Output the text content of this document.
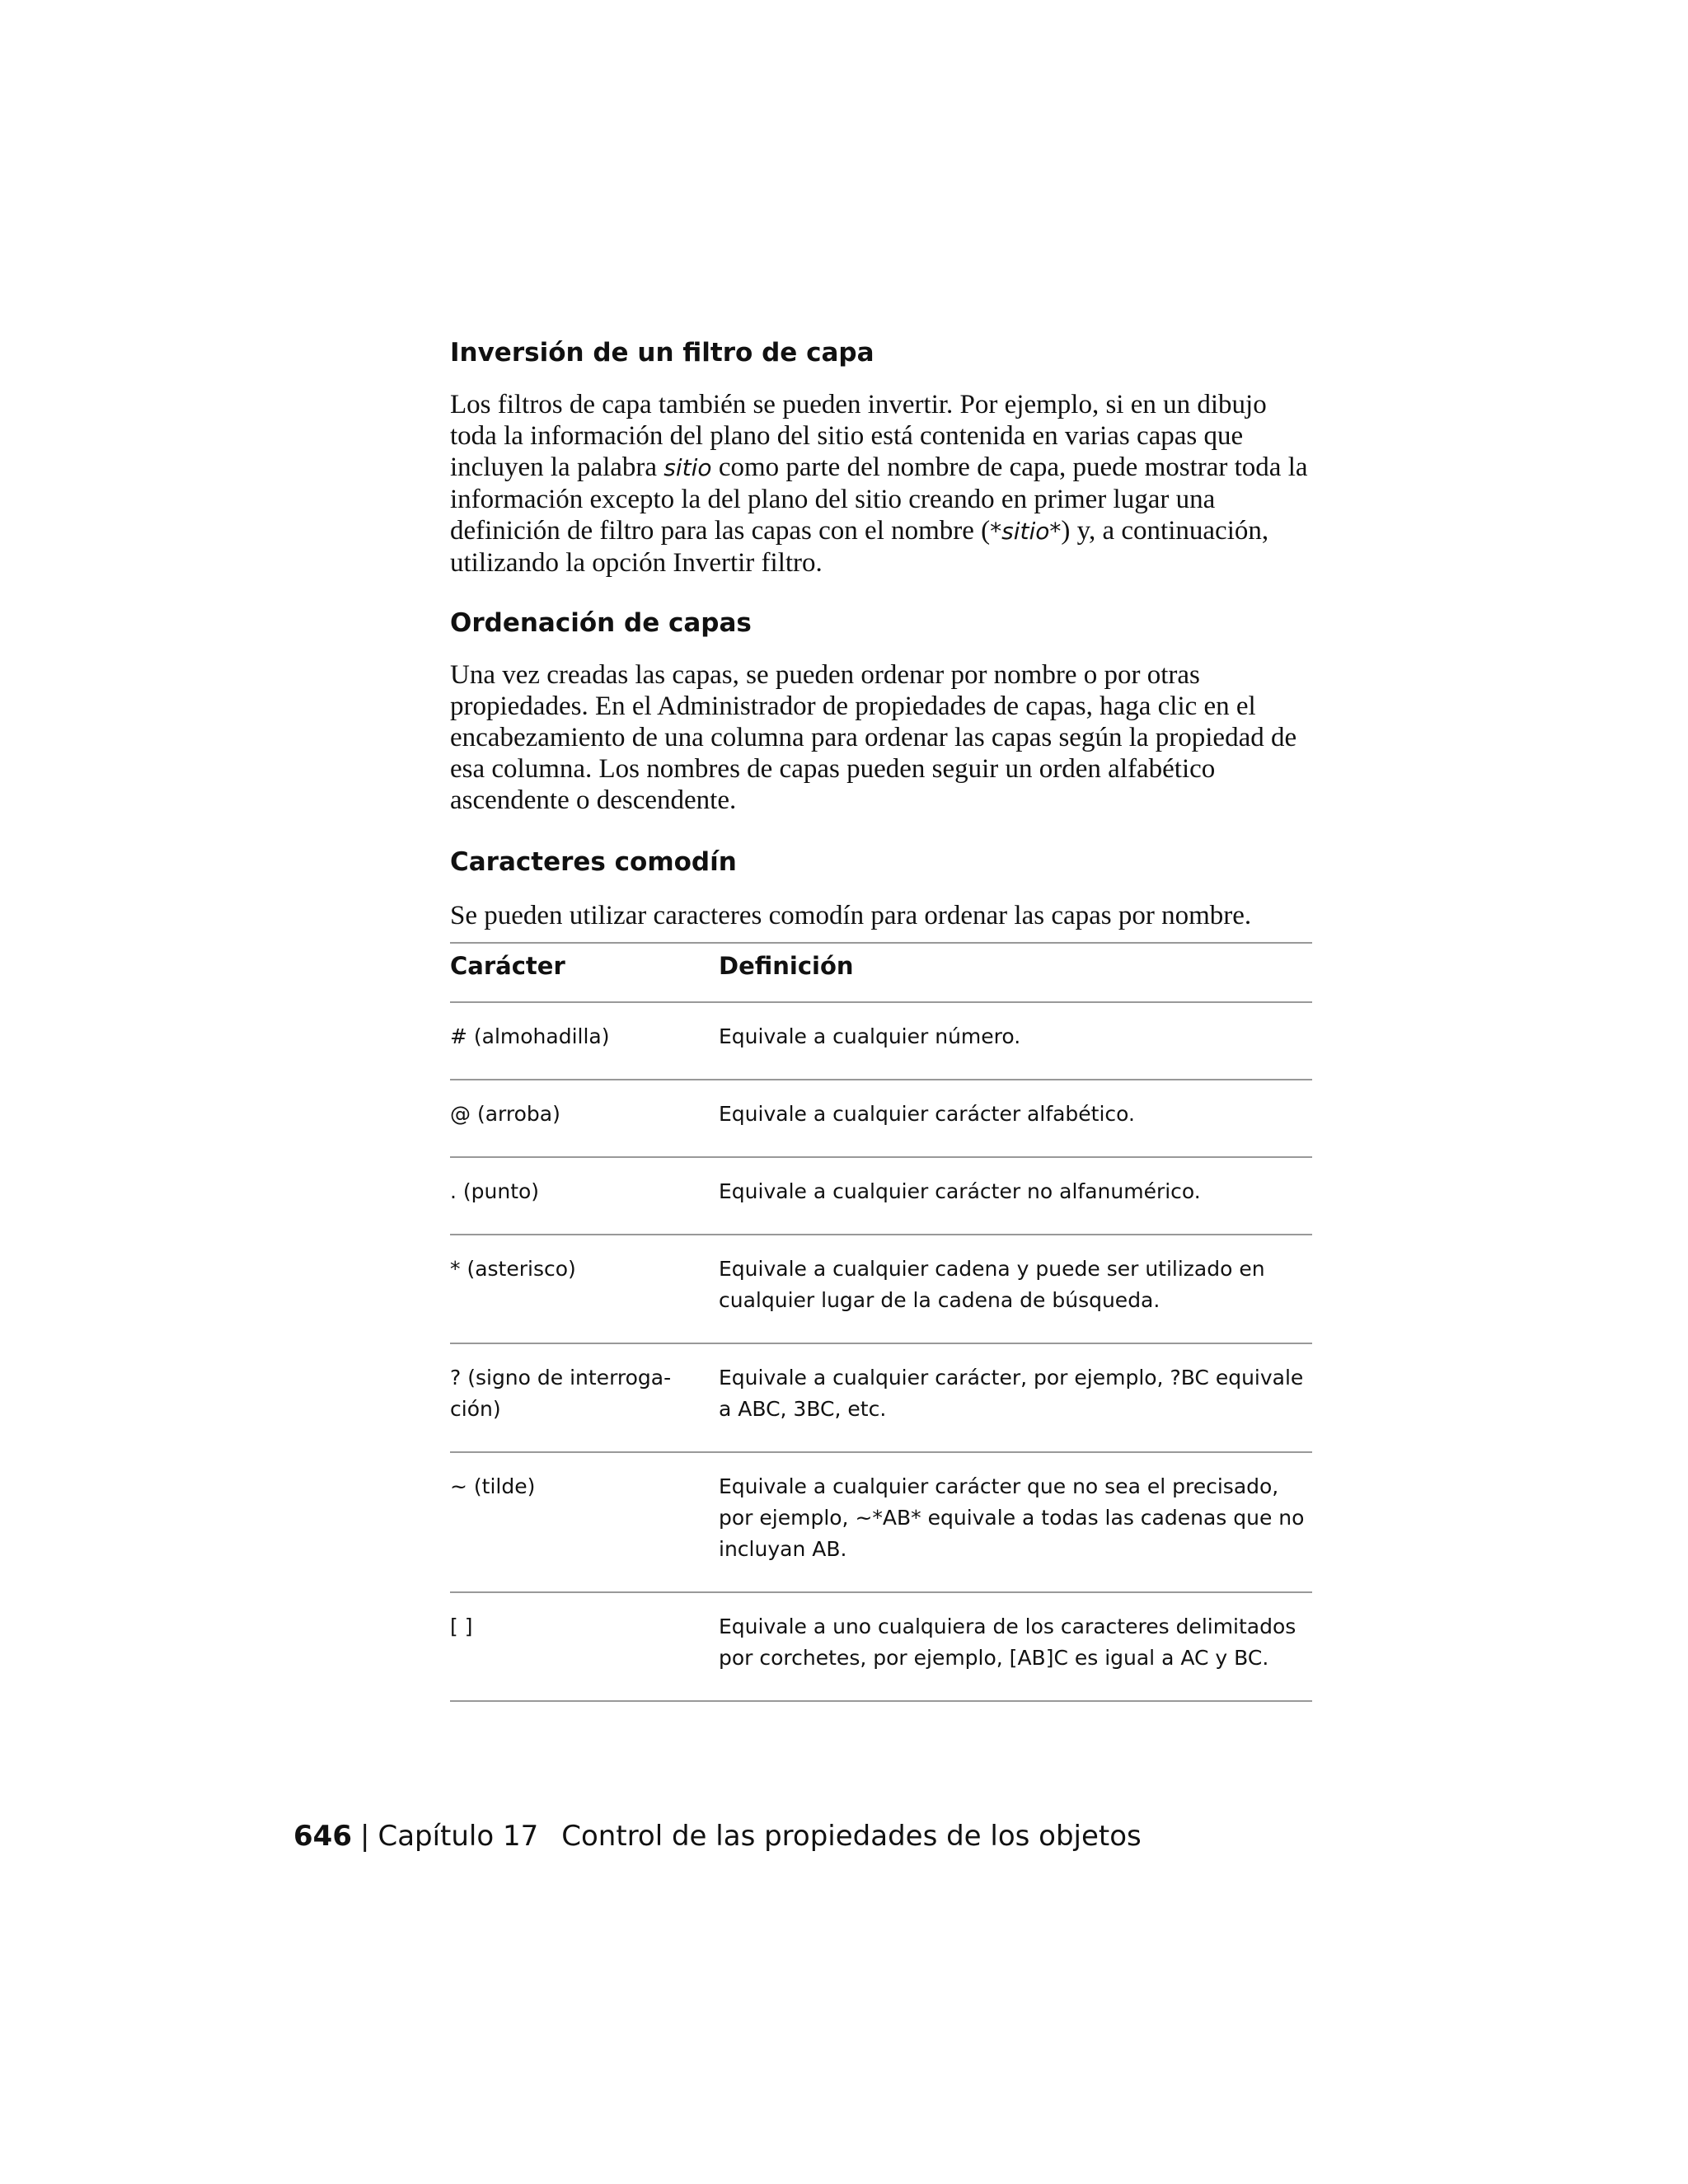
Inversión de un filtro de capa

Los filtros de capa también se pueden invertir. Por ejemplo, si en un dibujo toda la información del plano del sitio está contenida en varias capas que incluyen la palabra sitio como parte del nombre de capa, puede mostrar toda la información excepto la del plano del sitio creando en primer lugar una definición de filtro para las capas con el nombre (*sitio*) y, a continuación, utilizando la opción Invertir filtro.

Ordenación de capas

Una vez creadas las capas, se pueden ordenar por nombre o por otras propiedades. En el Administrador de propiedades de capas, haga clic en el encabezamiento de una columna para ordenar las capas según la propiedad de esa columna. Los nombres de capas pueden seguir un orden alfabético ascendente o descendente.

Caracteres comodín

Se pueden utilizar caracteres comodín para ordenar las capas por nombre.

Carácter	Definición
# (almohadilla)	Equivale a cualquier número.
@ (arroba)	Equivale a cualquier carácter alfabético.
. (punto)	Equivale a cualquier carácter no alfanumérico.
* (asterisco)	Equivale a cualquier cadena y puede ser utilizado en cualquier lugar de la cadena de búsqueda.
? (signo de interroga-ción)	Equivale a cualquier carácter, por ejemplo, ?BC equivale a ABC, 3BC, etc.
~ (tilde)	Equivale a cualquier carácter que no sea el precisado, por ejemplo, ~*AB* equivale a todas las cadenas que no incluyan AB.
[ ]	Equivale a uno cualquiera de los caracteres delimitados por corchetes, por ejemplo, [AB]C es igual a AC y BC.
646 | Capítulo 17 Control de las propiedades de los objetos
